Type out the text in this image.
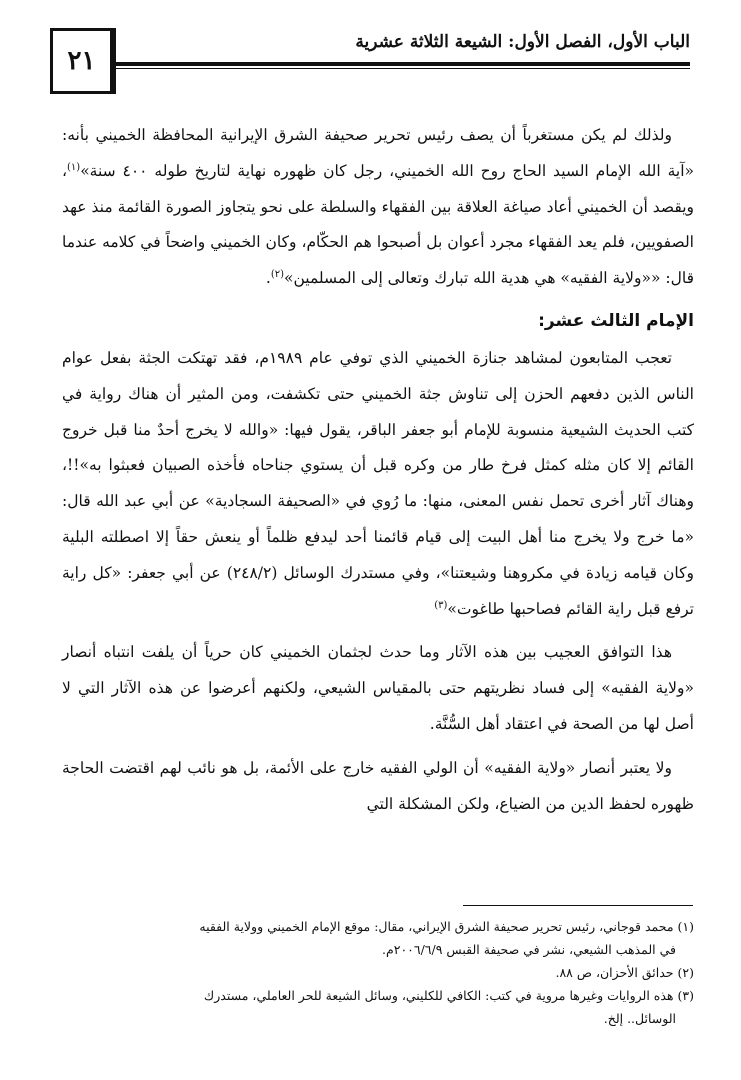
٢١
الباب الأول، الفصل الأول: الشيعة الثلاثة عشرية

ولذلك لم يكن مستغرباً أن يصف رئيس تحرير صحيفة الشرق الإيرانية المحافظة الخميني بأنه: «آية الله الإمام السيد الحاج روح الله الخميني، رجل كان ظهوره نهاية لتاريخ طوله ٤٠٠ سنة»$^{(١)}$، ويقصد أن الخميني أعاد صياغة العلاقة بين الفقهاء والسلطة على نحو يتجاوز الصورة القائمة منذ عهد الصفويين، فلم يعد الفقهاء مجرد أعوان بل أصبحوا هم الحكّام، وكان الخميني واضحاً في كلامه عندما قال: ««ولاية الفقيه» هي هدية الله تبارك وتعالى إلى المسلمين»$^{(٢)}$.

الإمام الثالث عشر:

تعجب المتابعون لمشاهد جنازة الخميني الذي توفي عام ١٩٨٩م، فقد تهتكت الجثة بفعل عوام الناس الذين دفعهم الحزن إلى تناوش جثة الخميني حتى تكشفت، ومن المثير أن هناك رواية في كتب الحديث الشيعية منسوبة للإمام أبو جعفر الباقر، يقول فيها: «والله لا يخرج أحدٌ منا قبل خروج القائم إلا كان مثله كمثل فرخ طار من وكره قبل أن يستوي جناحاه فأخذه الصبيان فعبثوا به»!!، وهناك آثار أخرى تحمل نفس المعنى، منها: ما رُوي في «الصحيفة السجادية» عن أبي عبد الله قال: «ما خرج ولا يخرج منا أهل البيت إلى قيام قائمنا أحد ليدفع ظلماً أو ينعش حقاً إلا اصطلته البلية وكان قيامه زيادة في مكروهنا وشيعتنا»، وفي مستدرك الوسائل (٢٤٨/٢) عن أبي جعفر: «كل راية ترفع قبل راية القائم فصاحبها طاغوت»$^{(٣)}$

هذا التوافق العجيب بين هذه الآثار وما حدث لجثمان الخميني كان حرياً أن يلفت انتباه أنصار «ولاية الفقيه» إلى فساد نظريتهم حتى بالمقياس الشيعي، ولكنهم أعرضوا عن هذه الآثار التي لا أصل لها من الصحة في اعتقاد أهل السُّنَّة.

ولا يعتبر أنصار «ولاية الفقيه» أن الولي الفقيه خارج على الأئمة، بل هو نائب لهم اقتضت الحاجة ظهوره لحفظ الدين من الضياع، ولكن المشكلة التي

(١) محمد قوجاني، رئيس تحرير صحيفة الشرق الإيراني، مقال: موقع الإمام الخميني وولاية الفقيه

في المذهب الشيعي، نشر في صحيفة القبس ٢٠٠٦/٦/٩م.

(٢) حدائق الأحزان، ص ٨٨.

(٣) هذه الروايات وغيرها مروية في كتب: الكافي للكليني، وسائل الشيعة للحر العاملي، مستدرك

الوسائل.. إلخ.
